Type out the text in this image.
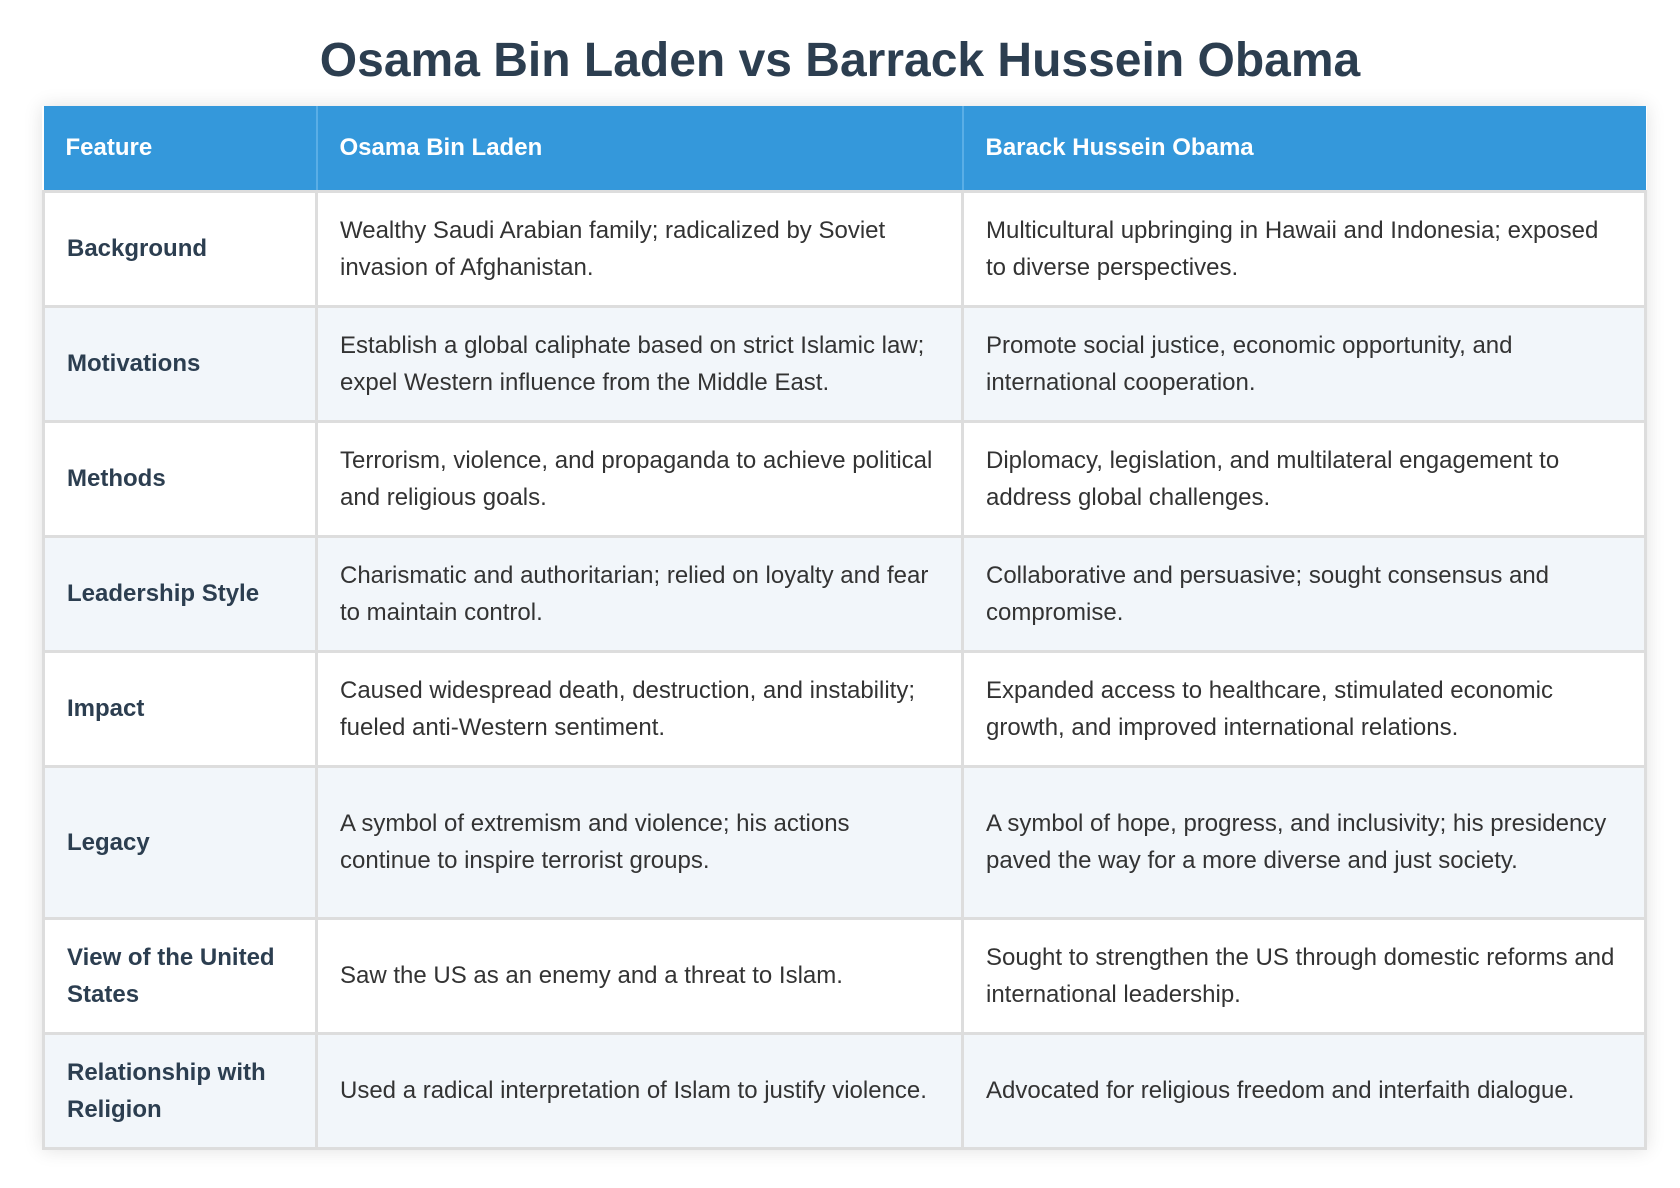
Osama Bin Laden vs Barrack Hussein Obama
Feature	Osama Bin Laden	Barack Hussein Obama
Background	Wealthy Saudi Arabian family; radicalized by Soviet invasion of Afghanistan.	Multicultural upbringing in Hawaii and Indonesia; exposed to diverse perspectives.
Motivations	Establish a global caliphate based on strict Islamic law; expel Western influence from the Middle East.	Promote social justice, economic opportunity, and international cooperation.
Methods	Terrorism, violence, and propaganda to achieve political and religious goals.	Diplomacy, legislation, and multilateral engagement to address global challenges.
Leadership Style	Charismatic and authoritarian; relied on loyalty and fear to maintain control.	Collaborative and persuasive; sought consensus and compromise.
Impact	Caused widespread death, destruction, and instability; fueled anti-Western sentiment.	Expanded access to healthcare, stimulated economic growth, and improved international relations.
Legacy	A symbol of extremism and violence; his actions continue to inspire terrorist groups.	A symbol of hope, progress, and inclusivity; his presidency paved the way for a more diverse and just society.
View of the United States	Saw the US as an enemy and a threat to Islam.	Sought to strengthen the US through domestic reforms and international leadership.
Relationship with Religion	Used a radical interpretation of Islam to justify violence.	Advocated for religious freedom and interfaith dialogue.
